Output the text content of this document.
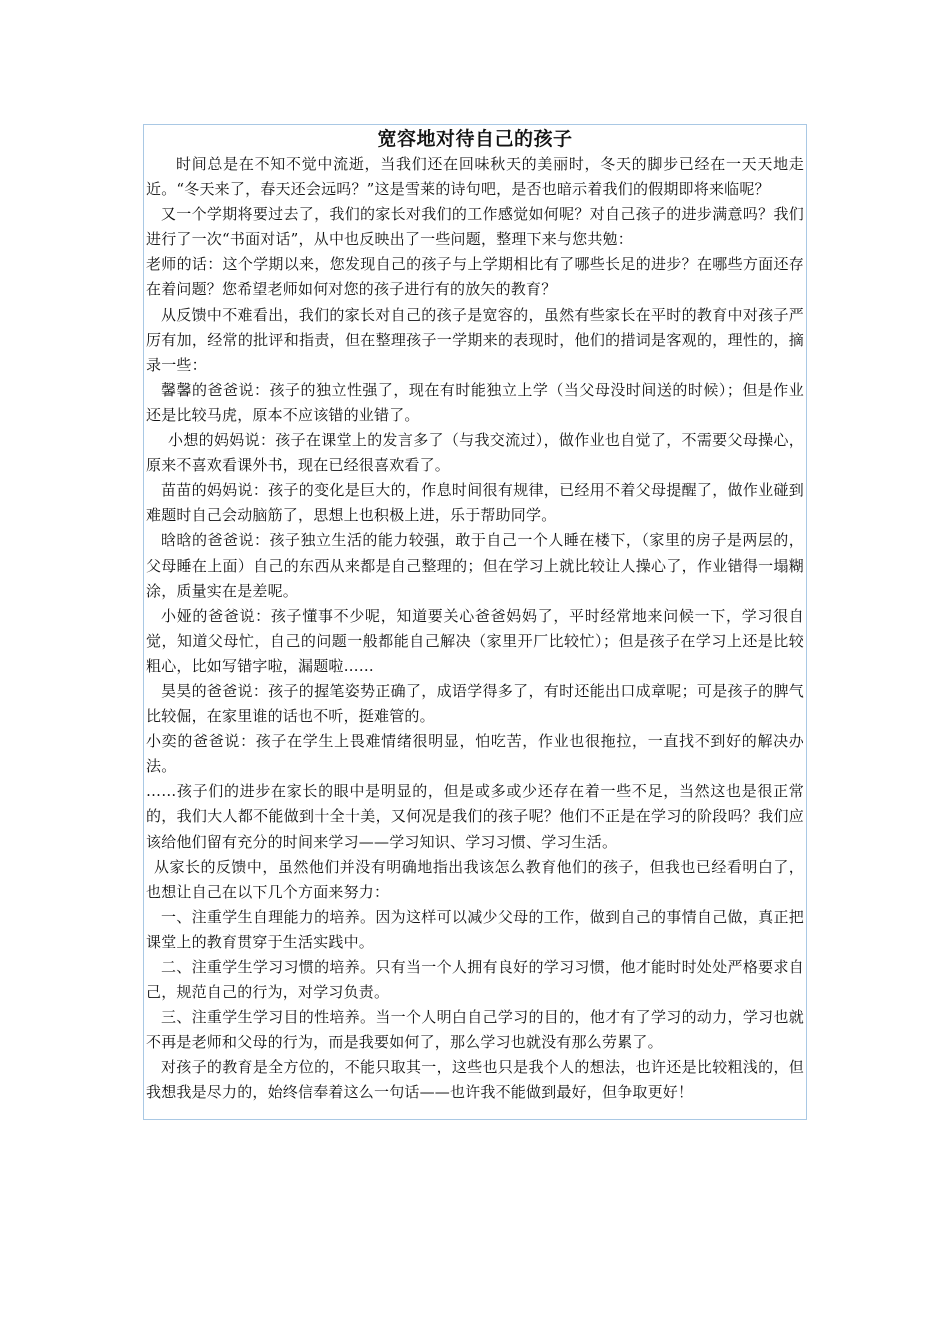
宽容地对待自己的孩子

时间总是在不知不觉中流逝，当我们还在回味秋天的美丽时，冬天的脚步已经在一天天地走近。“冬天来了，春天还会远吗？”这是雪莱的诗句吧，是否也暗示着我们的假期即将来临呢？

又一个学期将要过去了，我们的家长对我们的工作感觉如何呢？对自己孩子的进步满意吗？我们进行了一次“书面对话”，从中也反映出了一些问题，整理下来与您共勉：

老师的话：这个学期以来，您发现自己的孩子与上学期相比有了哪些长足的进步？在哪些方面还存在着问题？您希望老师如何对您的孩子进行有的放矢的教育？

从反馈中不难看出，我们的家长对自己的孩子是宽容的，虽然有些家长在平时的教育中对孩子严厉有加，经常的批评和指责，但在整理孩子一学期来的表现时，他们的措词是客观的，理性的，摘录一些：

馨馨的爸爸说：孩子的独立性强了，现在有时能独立上学（当父母没时间送的时候）；但是作业还是比较马虎，原本不应该错的业错了。

小想的妈妈说：孩子在课堂上的发言多了（与我交流过），做作业也自觉了，不需要父母操心，原来不喜欢看课外书，现在已经很喜欢看了。

苗苗的妈妈说：孩子的变化是巨大的，作息时间很有规律，已经用不着父母提醒了，做作业碰到难题时自己会动脑筋了，思想上也积极上进，乐于帮助同学。

晗晗的爸爸说：孩子独立生活的能力较强，敢于自己一个人睡在楼下，（家里的房子是两层的，父母睡在上面）自己的东西从来都是自己整理的；但在学习上就比较让人操心了，作业错得一塌糊涂，质量实在是差呢。

小娅的爸爸说：孩子懂事不少呢，知道要关心爸爸妈妈了，平时经常地来问候一下，学习很自觉，知道父母忙，自己的问题一般都能自己解决（家里开厂比较忙）；但是孩子在学习上还是比较粗心，比如写错字啦，漏题啦……

昊昊的爸爸说：孩子的握笔姿势正确了，成语学得多了，有时还能出口成章呢；可是孩子的脾气比较倔，在家里谁的话也不听，挺难管的。

小奕的爸爸说：孩子在学生上畏难情绪很明显，怕吃苦，作业也很拖拉，一直找不到好的解决办法。

……孩子们的进步在家长的眼中是明显的，但是或多或少还存在着一些不足，当然这也是很正常的，我们大人都不能做到十全十美，又何况是我们的孩子呢？他们不正是在学习的阶段吗？我们应该给他们留有充分的时间来学习——学习知识、学习习惯、学习生活。

从家长的反馈中，虽然他们并没有明确地指出我该怎么教育他们的孩子，但我也已经看明白了，也想让自己在以下几个方面来努力：

一、注重学生自理能力的培养。因为这样可以减少父母的工作，做到自己的事情自己做，真正把课堂上的教育贯穿于生活实践中。

二、注重学生学习习惯的培养。只有当一个人拥有良好的学习习惯，他才能时时处处严格要求自己，规范自己的行为，对学习负责。

三、注重学生学习目的性培养。当一个人明白自己学习的目的，他才有了学习的动力，学习也就不再是老师和父母的行为，而是我要如何了，那么学习也就没有那么劳累了。

对孩子的教育是全方位的，不能只取其一，这些也只是我个人的想法，也许还是比较粗浅的，但我想我是尽力的，始终信奉着这么一句话——也许我不能做到最好，但争取更好！
